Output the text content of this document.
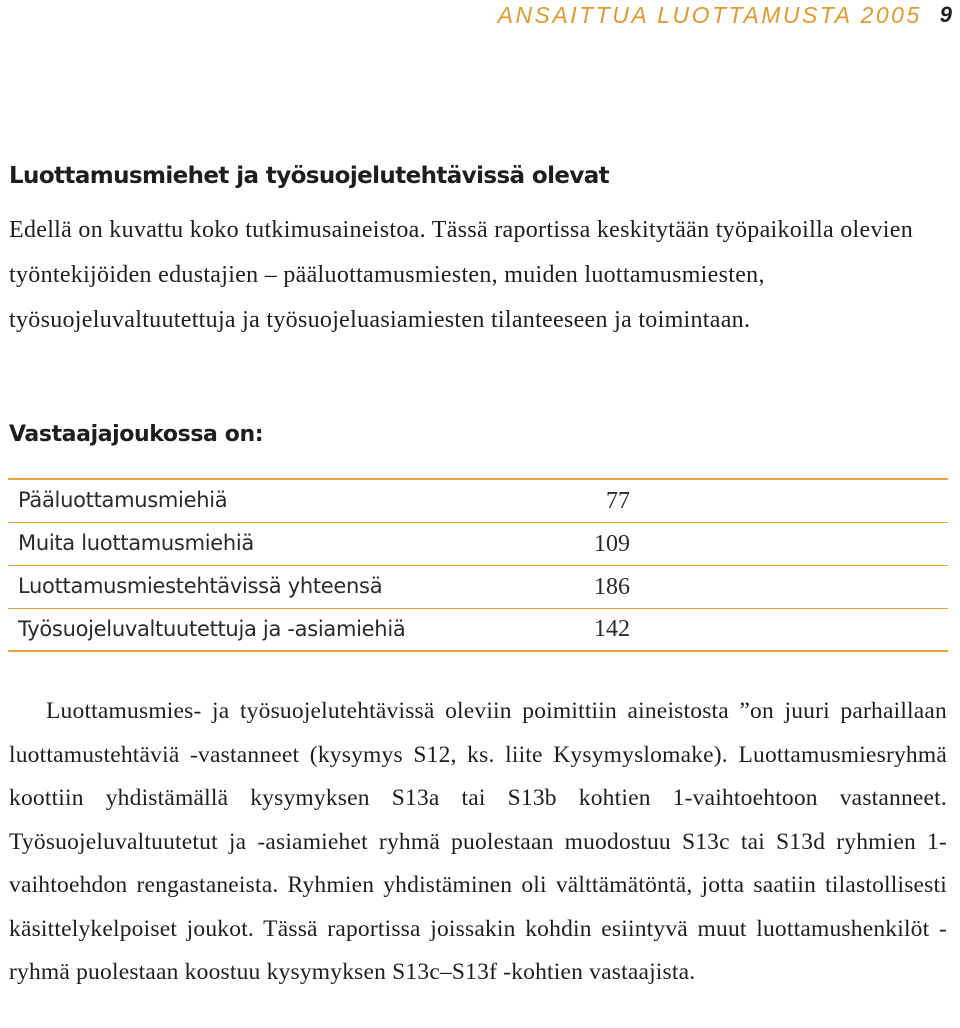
ANSAITTUA LUOTTAMUSTA 2005 9
Luottamusmiehet ja työsuojelutehtävissä olevat

Edellä on kuvattu koko tutkimusaineistoa. Tässä raportissa keskitytään työpaikoilla olevien työntekijöiden edustajien – pääluottamusmiesten, muiden luottamusmiesten, työsuojeluvaltuutettuja ja työsuojeluasiamiesten tilanteeseen ja toimintaan.

Vastaajajoukossa on:
Pääluottamusmiehiä	77	
Muita luottamusmiehiä	109	
Luottamusmiestehtävissä yhteensä	186	
Työsuojeluvaltuutettuja ja -asiamiehiä	142	

Luottamusmies- ja työsuojelutehtävissä oleviin poimittiin aineistosta ”on juuri parhaillaan luottamustehtäviä -vastanneet (kysymys S12, ks. liite Kysymyslomake). Luottamusmiesryhmä koottiin yhdistämällä kysymyksen S13a tai S13b kohtien 1-vaihtoehtoon vastanneet. Työsuojeluvaltuutetut ja -asiamiehet ryhmä puolestaan muodostuu S13c tai S13d ryhmien 1-vaihtoehdon rengastaneista. Ryhmien yhdistäminen oli välttämätöntä, jotta saatiin tilastollisesti käsittelykelpoiset joukot. Tässä raportissa joissakin kohdin esiintyvä muut luottamushenkilöt -ryhmä puolestaan koostuu kysymyksen S13c–S13f -kohtien vastaajista.
